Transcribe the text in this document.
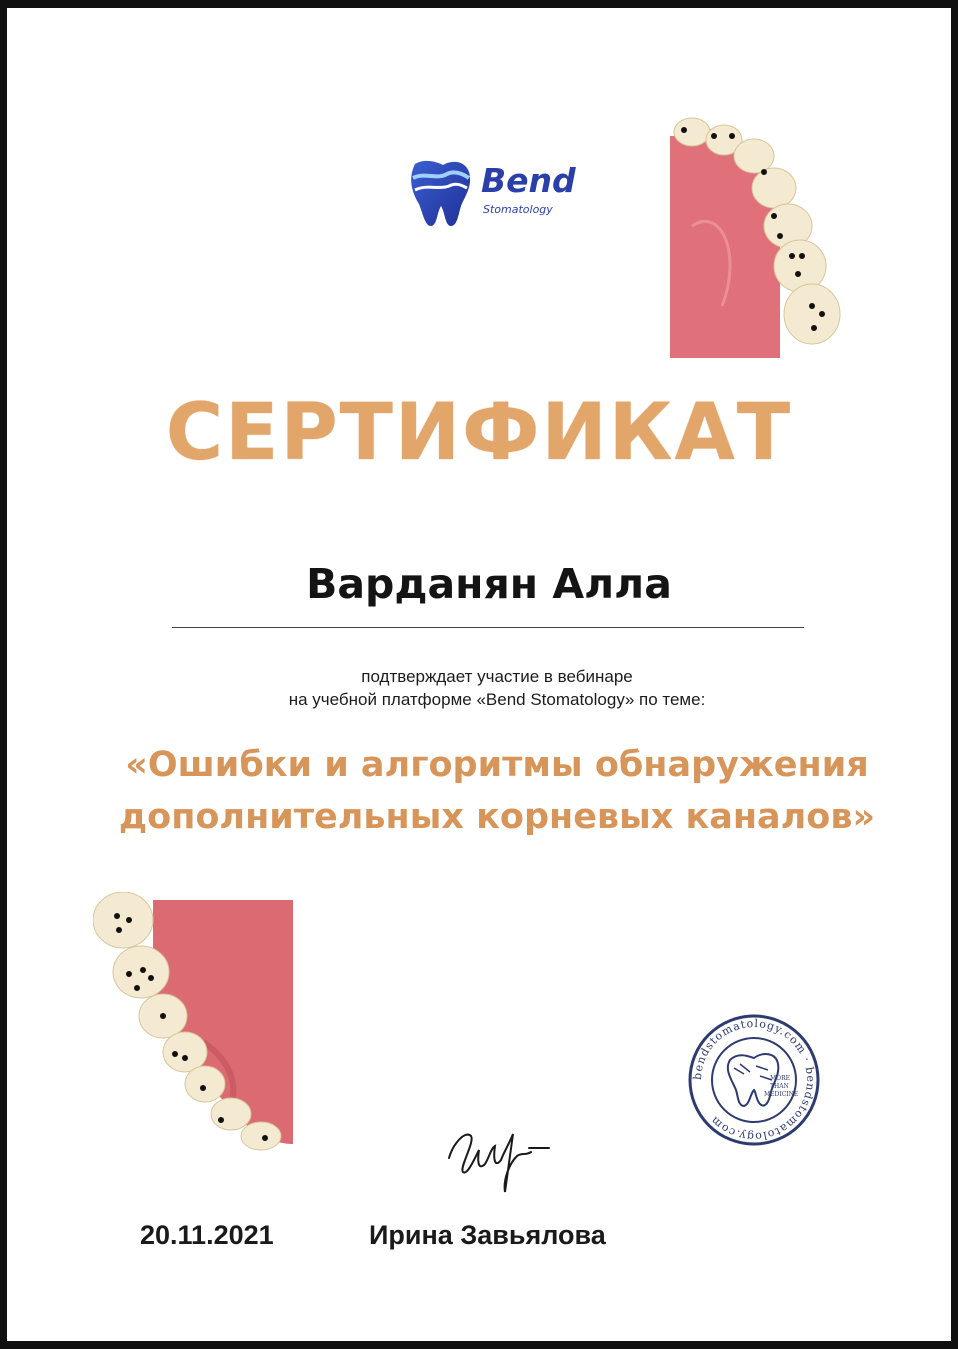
Bend
Stomatology
СЕРТИФИКАТ
Варданян Алла
подтверждает участие в вебинаре
на учебной платформе «Bend Stomatology» по теме:
«Ошибки и алгоритмы обнаружения
дополнительных корневых каналов»
bendstomatology.com · bendstomatology.com
MORE
THAN
MEDICINE
20.11.2021	Ирина Завьялова
